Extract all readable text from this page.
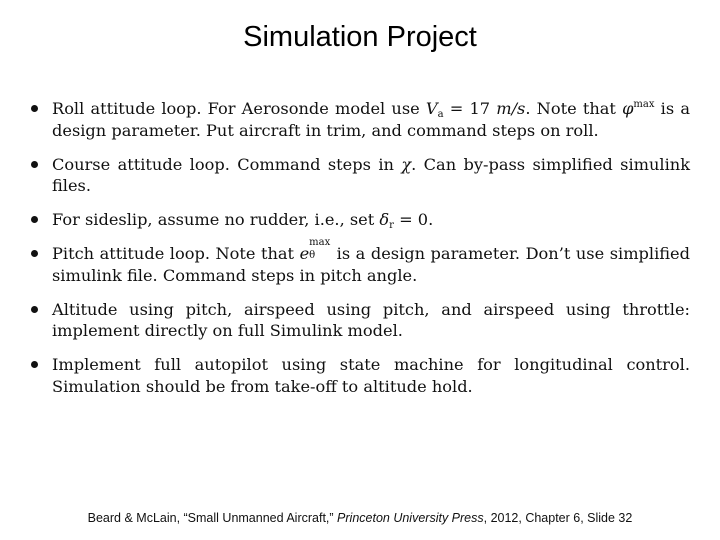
Simulation Project
Roll attitude loop. For Aerosonde model use $V_a = 17$ m/s. Note that $\varphi^{max}$ is a design parameter. Put aircraft in trim, and command steps on roll.
Course attitude loop. Command steps in χ. Can by-pass simplified simulink files.
For sideslip, assume no rudder, i.e., set $\delta_r = 0$.
Pitch attitude loop. Note that e
max
θ is a design parameter. Don’t use simplified simulink file. Command steps in pitch angle.
Altitude using pitch, airspeed using pitch, and airspeed using throttle: implement directly on full Simulink model.
Implement full autopilot using state machine for longitudinal control. Simulation should be from take-off to altitude hold.
Beard & McLain, “Small Unmanned Aircraft,” Princeton University Press, 2012, Chapter 6, Slide 32
